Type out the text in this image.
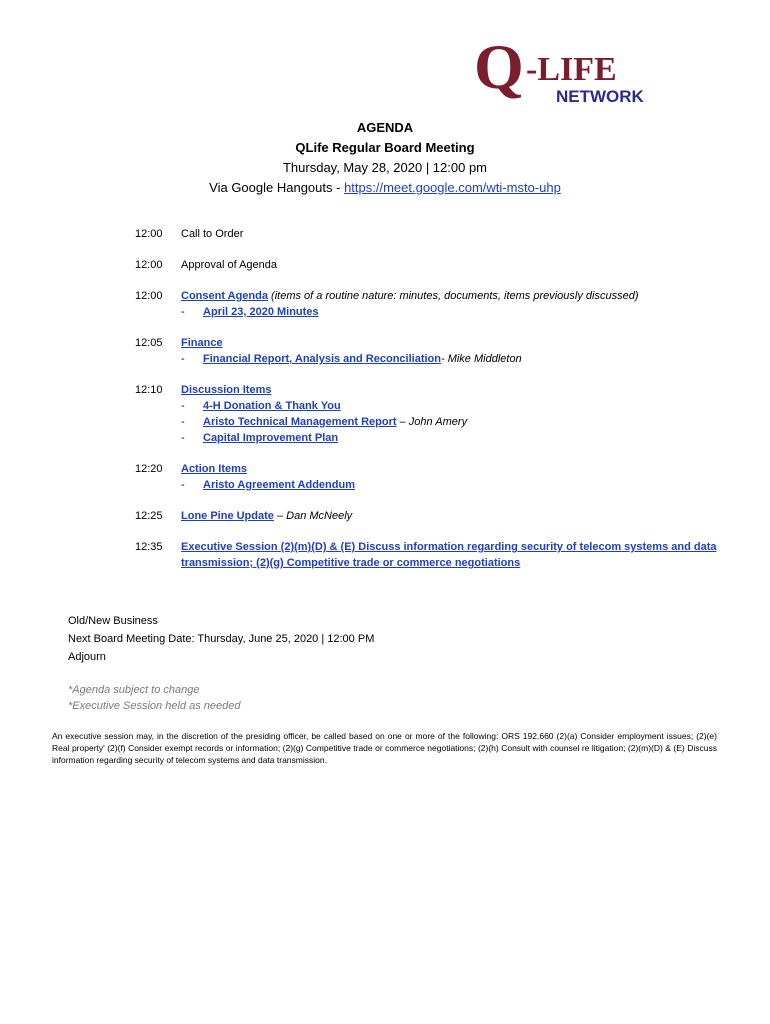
Q -LIFE
NETWORK
AGENDA
QLife Regular Board Meeting
Thursday, May 28, 2020 | 12:00 pm
Via Google Hangouts - https://meet.google.com/wti-msto-uhp
12:00	Call to Order
12:00	Approval of Agenda
12:00	Consent Agenda (items of a routine nature: minutes, documents, items previously discussed)
-	April 23, 2020 Minutes
12:05	Finance
-	Financial Report, Analysis and Reconciliation- Mike Middleton
12:10	Discussion Items
-	4-H Donation & Thank You
-	Aristo Technical Management Report – John Amery
-	Capital Improvement Plan
12:20	Action Items
-	Aristo Agreement Addendum
12:25	Lone Pine Update – Dan McNeely
12:35	Executive Session (2)(m)(D) & (E) Discuss information regarding security of telecom systems and data transmission; (2)(g) Competitive trade or commerce negotiations
Old/New Business
Next Board Meeting Date: Thursday, June 25, 2020 | 12:00 PM
Adjourn
*Agenda subject to change
*Executive Session held as needed
An executive session may, in the discretion of the presiding officer, be called based on one or more of the following: ORS 192.660 (2)(a) Consider employment issues; (2)(e) Real property' (2)(f) Consider exempt records or information; (2)(g) Competitive trade or commerce negotiations; (2)(h) Consult with counsel re litigation; (2)(m)(D) & (E) Discuss information regarding security of telecom systems and data transmission.
